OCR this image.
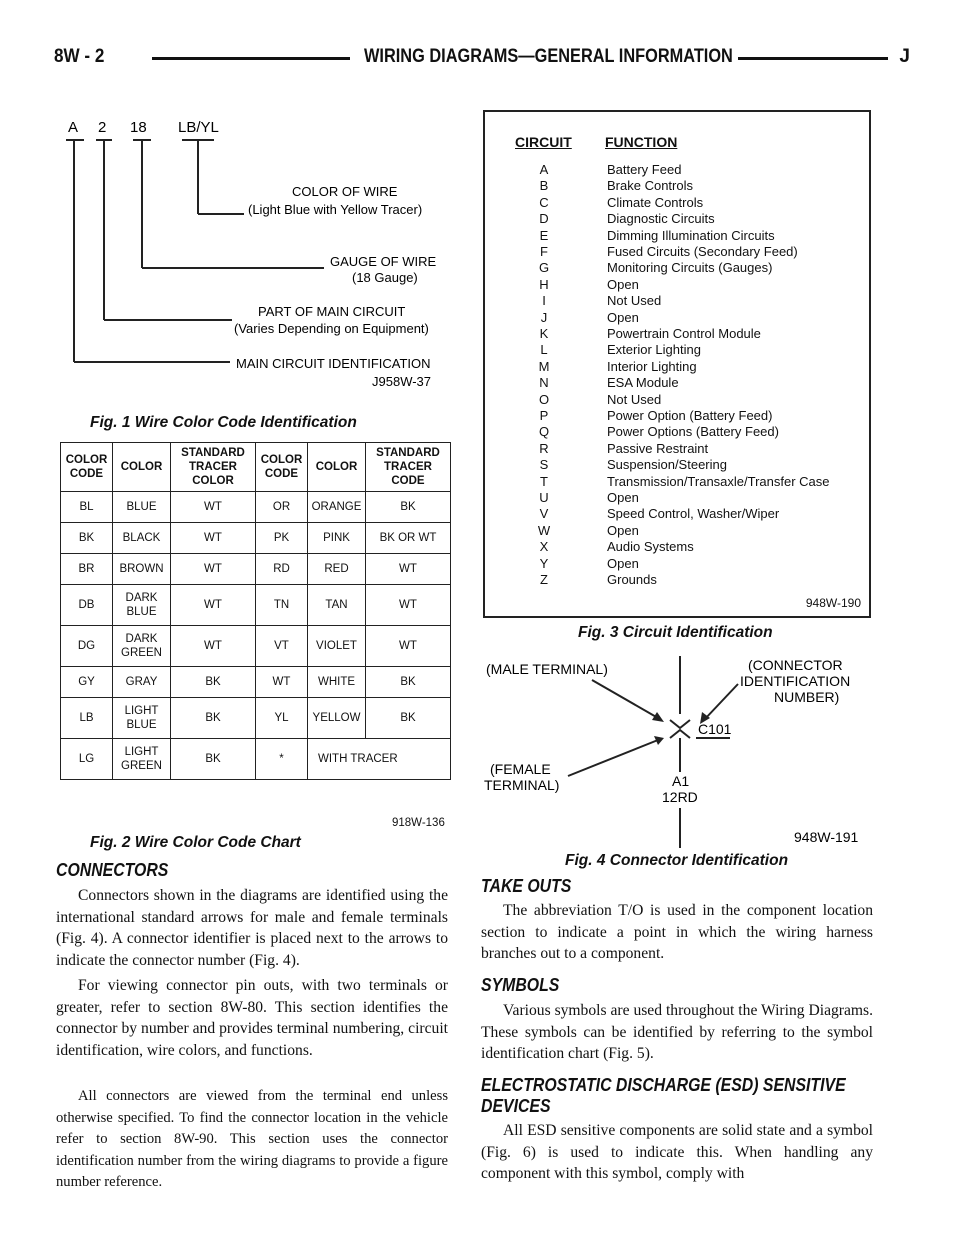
8W - 2	WIRING DIAGRAMS—GENERAL INFORMATION	J
A 2 18 LB/YL
COLOR OF WIRE
(Light Blue with Yellow Tracer)
GAUGE OF WIRE
(18 Gauge)
PART OF MAIN CIRCUIT
(Varies Depending on Equipment)
MAIN CIRCUIT IDENTIFICATION
J958W-37
Fig. 1 Wire Color Code Identification
COLOR CODE	COLOR	STANDARD TRACER COLOR	COLOR CODE	COLOR	STANDARD TRACER CODE
BL	BLUE	WT	OR	ORANGE	BK
BK	BLACK	WT	PK	PINK	BK OR WT
BR	BROWN	WT	RD	RED	WT
DB	DARK BLUE	WT	TN	TAN	WT
DG	DARK GREEN	WT	VT	VIOLET	WT
GY	GRAY	BK	WT	WHITE	BK
LB	LIGHT BLUE	BK	YL	YELLOW	BK
LG	LIGHT GREEN	BK	*	WITH TRACER	
918W-136
Fig. 2 Wire Color Code Chart
CIRCUIT FUNCTION
A	Battery Feed
B	Brake Controls
C	Climate Controls
D	Diagnostic Circuits
E	Dimming Illumination Circuits
F	Fused Circuits (Secondary Feed)
G	Monitoring Circuits (Gauges)
H	Open
I	Not Used
J	Open
K	Powertrain Control Module
L	Exterior Lighting
M	Interior Lighting
N	ESA Module
O	Not Used
P	Power Option (Battery Feed)
Q	Power Options (Battery Feed)
R	Passive Restraint
S	Suspension/Steering
T	Transmission/Transaxle/Transfer Case
U	Open
V	Speed Control, Washer/Wiper
W	Open
X	Audio Systems
Y	Open
Z	Grounds
948W-190
Fig. 3 Circuit Identification
(MALE TERMINAL)	(CONNECTOR
IDENTIFICATION
NUMBER)
(FEMALE
TERMINAL)
C101
A1
12RD
948W-191
Fig. 4 Connector Identification
CONNECTORS

Connectors shown in the diagrams are identified using the international standard arrows for male and female terminals (Fig. 4). A connector identifier is placed next to the arrows to indicate the connector number (Fig. 4).

For viewing connector pin outs, with two terminals or greater, refer to section 8W-80. This section identifies the connector by number and provides terminal numbering, circuit identification, wire colors, and functions.

All connectors are viewed from the terminal end unless otherwise specified. To find the connector location in the vehicle refer to section 8W-90. This section uses the connector identification number from the wiring diagrams to provide a figure number reference.

TAKE OUTS

The abbreviation T/O is used in the component location section to indicate a point in which the wiring harness branches out to a component.

SYMBOLS

Various symbols are used throughout the Wiring Diagrams. These symbols can be identified by referring to the symbol identification chart (Fig. 5).

ELECTROSTATIC DISCHARGE (ESD) SENSITIVE
DEVICES

All ESD sensitive components are solid state and a symbol (Fig. 6) is used to indicate this. When handling any component with this symbol, comply with
